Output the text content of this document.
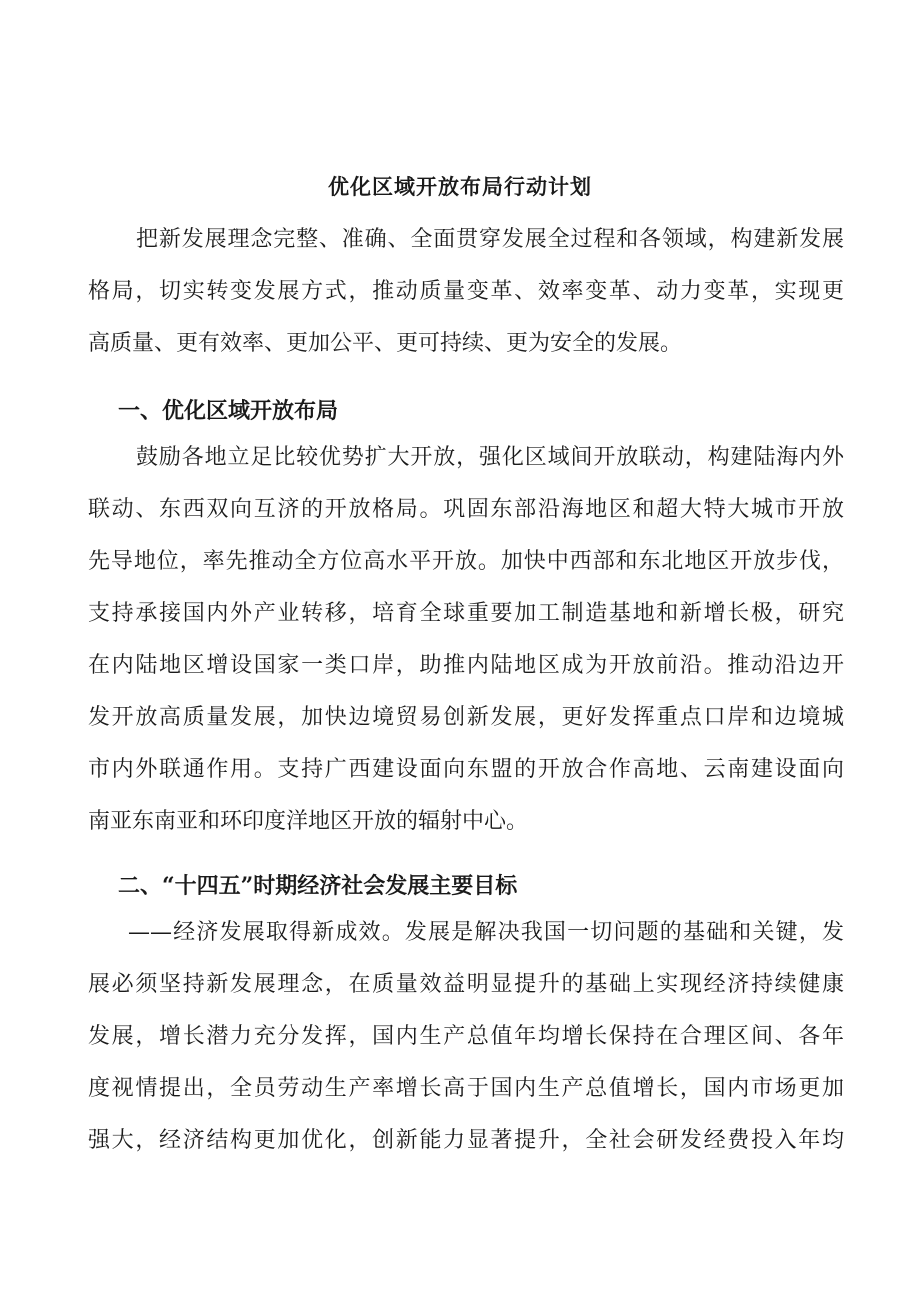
优化区域开放布局行动计划

把新发展理念完整、准确、全面贯穿发展全过程和各领域，构建新发展

格局，切实转变发展方式，推动质量变革、效率变革、动力变革，实现更

高质量、更有效率、更加公平、更可持续、更为安全的发展。

一、优化区域开放布局

鼓励各地立足比较优势扩大开放，强化区域间开放联动，构建陆海内外

联动、东西双向互济的开放格局。巩固东部沿海地区和超大特大城市开放

先导地位，率先推动全方位高水平开放。加快中西部和东北地区开放步伐，

支持承接国内外产业转移，培育全球重要加工制造基地和新增长极，研究

在内陆地区增设国家一类口岸，助推内陆地区成为开放前沿。推动沿边开

发开放高质量发展，加快边境贸易创新发展，更好发挥重点口岸和边境城

市内外联通作用。支持广西建设面向东盟的开放合作高地、云南建设面向

南亚东南亚和环印度洋地区开放的辐射中心。

二、“十四五”时期经济社会发展主要目标

——经济发展取得新成效。发展是解决我国一切问题的基础和关键，发

展必须坚持新发展理念，在质量效益明显提升的基础上实现经济持续健康

发展，增长潜力充分发挥，国内生产总值年均增长保持在合理区间、各年

度视情提出，全员劳动生产率增长高于国内生产总值增长，国内市场更加

强大，经济结构更加优化，创新能力显著提升，全社会研发经费投入年均
